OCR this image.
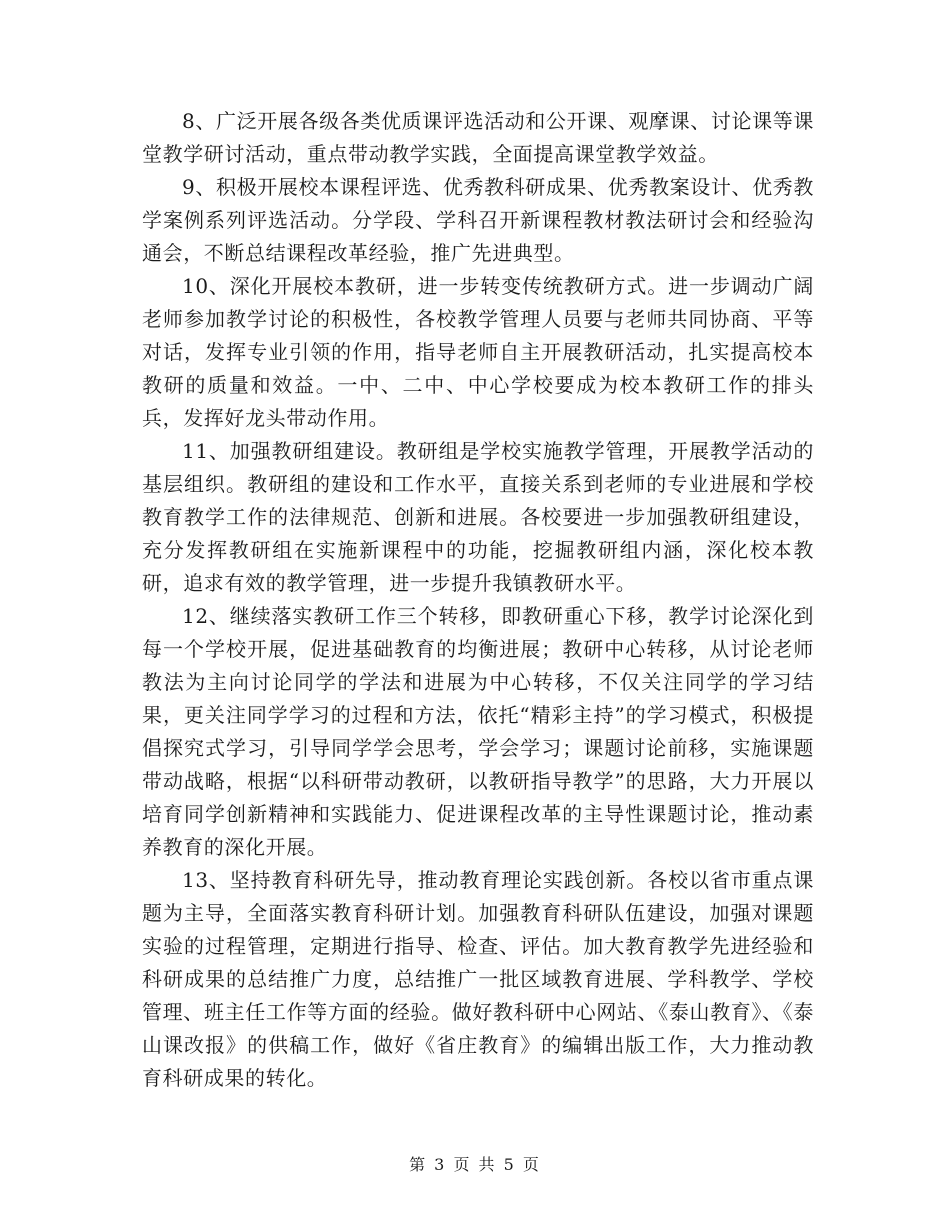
8、广泛开展各级各类优质课评选活动和公开课、观摩课、讨论课等课堂教学研讨活动，重点带动教学实践，全面提高课堂教学效益。

9、积极开展校本课程评选、优秀教科研成果、优秀教案设计、优秀教学案例系列评选活动。分学段、学科召开新课程教材教法研讨会和经验沟通会，不断总结课程改革经验，推广先进典型。

10、深化开展校本教研，进一步转变传统教研方式。进一步调动广阔老师参加教学讨论的积极性，各校教学管理人员要与老师共同协商、平等对话，发挥专业引领的作用，指导老师自主开展教研活动，扎实提高校本教研的质量和效益。一中、二中、中心学校要成为校本教研工作的排头兵，发挥好龙头带动作用。

11、加强教研组建设。教研组是学校实施教学管理，开展教学活动的基层组织。教研组的建设和工作水平，直接关系到老师的专业进展和学校教育教学工作的法律规范、创新和进展。各校要进一步加强教研组建设，充分发挥教研组在实施新课程中的功能，挖掘教研组内涵，深化校本教研，追求有效的教学管理，进一步提升我镇教研水平。

12、继续落实教研工作三个转移，即教研重心下移，教学讨论深化到每一个学校开展，促进基础教育的均衡进展；教研中心转移，从讨论老师教法为主向讨论同学的学法和进展为中心转移，不仅关注同学的学习结果，更关注同学学习的过程和方法，依托“精彩主持”的学习模式，积极提倡探究式学习，引导同学学会思考，学会学习；课题讨论前移，实施课题带动战略，根据“以科研带动教研，以教研指导教学”的思路，大力开展以培育同学创新精神和实践能力、促进课程改革的主导性课题讨论，推动素养教育的深化开展。

13、坚持教育科研先导，推动教育理论实践创新。各校以省市重点课题为主导，全面落实教育科研计划。加强教育科研队伍建设，加强对课题实验的过程管理，定期进行指导、检查、评估。加大教育教学先进经验和科研成果的总结推广力度，总结推广一批区域教育进展、学科教学、学校管理、班主任工作等方面的经验。做好教科研中心网站、《泰山教育》、《泰山课改报》的供稿工作，做好《省庄教育》的编辑出版工作，大力推动教育科研成果的转化。

第 3 页 共 5 页
